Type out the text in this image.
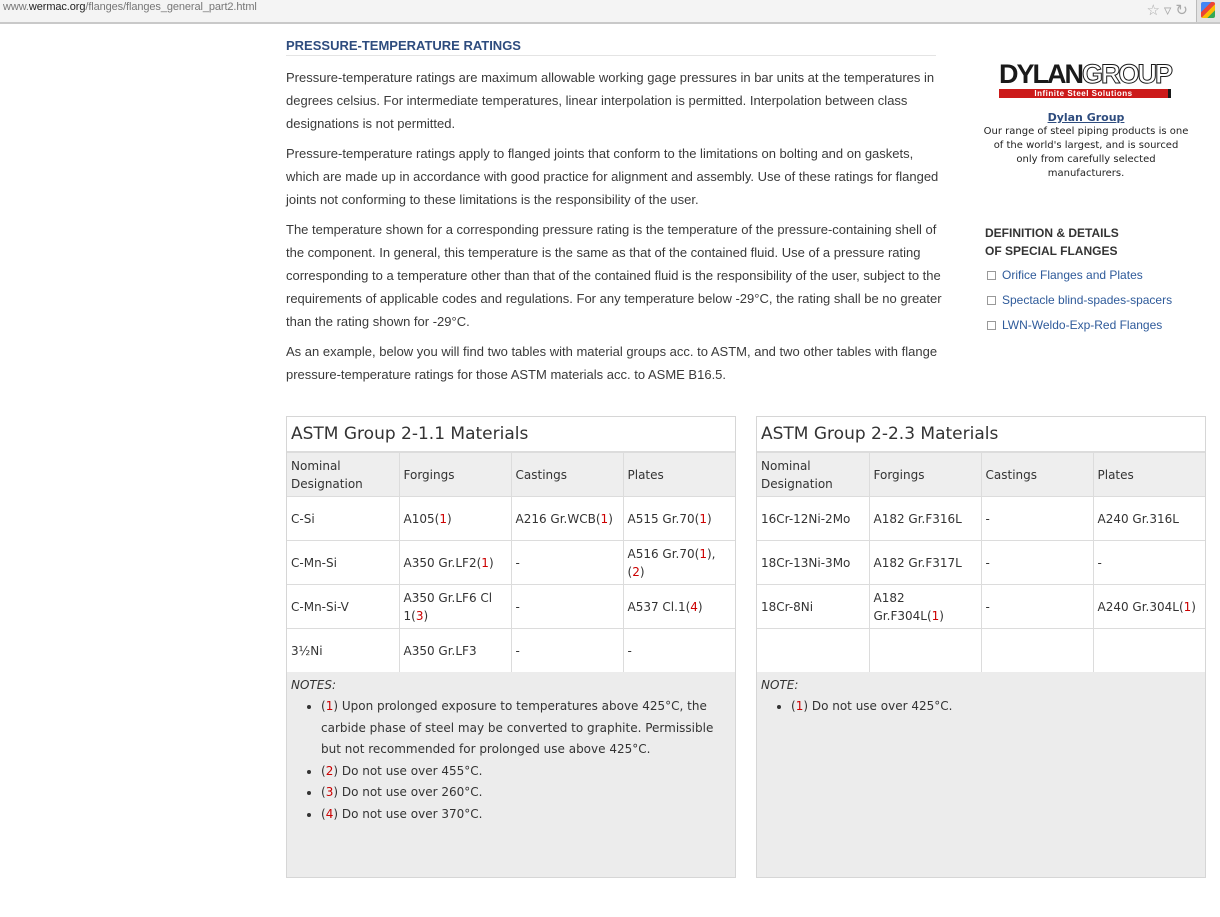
www.wermac.org/flanges/flanges_general_part2.html	☆▿↻
PRESSURE-TEMPERATURE RATINGS

Pressure-temperature ratings are maximum allowable working gage pressures in bar units at the temperatures in degrees celsius. For intermediate temperatures, linear interpolation is permitted. Interpolation between class designations is not permitted.

Pressure-temperature ratings apply to flanged joints that conform to the limitations on bolting and on gaskets, which are made up in accordance with good practice for alignment and assembly. Use of these ratings for flanged joints not conforming to these limitations is the responsibility of the user.

The temperature shown for a corresponding pressure rating is the temperature of the pressure-containing shell of the component. In general, this temperature is the same as that of the contained fluid. Use of a pressure rating corresponding to a temperature other than that of the contained fluid is the responsibility of the user, subject to the requirements of applicable codes and regulations. For any temperature below -29°C, the rating shall be no greater than the rating shown for -29°C.

As an example, below you will find two tables with material groups acc. to ASTM, and two other tables with flange pressure-temperature ratings for those ASTM materials acc. to ASME B16.5.

DYLANGROUP
Infinite Steel Solutions
Dylan Group
Our range of steel piping products is one of the world's largest, and is sourced only from carefully selected manufacturers.
DEFINITION & DETAILS
OF SPECIAL FLANGES
Orifice Flanges and Plates
Spectacle blind-spades-spacers
LWN-Weldo-Exp-Red Flanges
ASTM Group 2-1.1 Materials
Nominal Designation	Forgings	Castings	Plates
C-Si	A105(1)	A216 Gr.WCB(1)	A515 Gr.70(1)
C-Mn-Si	A350 Gr.LF2(1)	-	A516 Gr.70(1),(2)
C-Mn-Si-V	A350 Gr.LF6 Cl 1(3)	-	A537 Cl.1(4)
3½Ni	A350 Gr.LF3	-	-
NOTES:
• (1) Upon prolonged exposure to temperatures above 425°C, the carbide phase of steel may be converted to graphite. Permissible but not recommended for prolonged use above 425°C.
• (2) Do not use over 455°C.
• (3) Do not use over 260°C.
• (4) Do not use over 370°C.
ASTM Group 2-2.3 Materials
Nominal Designation	Forgings	Castings	Plates
16Cr-12Ni-2Mo	A182 Gr.F316L	-	A240 Gr.316L
18Cr-13Ni-3Mo	A182 Gr.F317L	-	-
18Cr-8Ni	A182 Gr.F304L(1)	-	A240 Gr.304L(1)

NOTE:
• (1) Do not use over 425°C.
